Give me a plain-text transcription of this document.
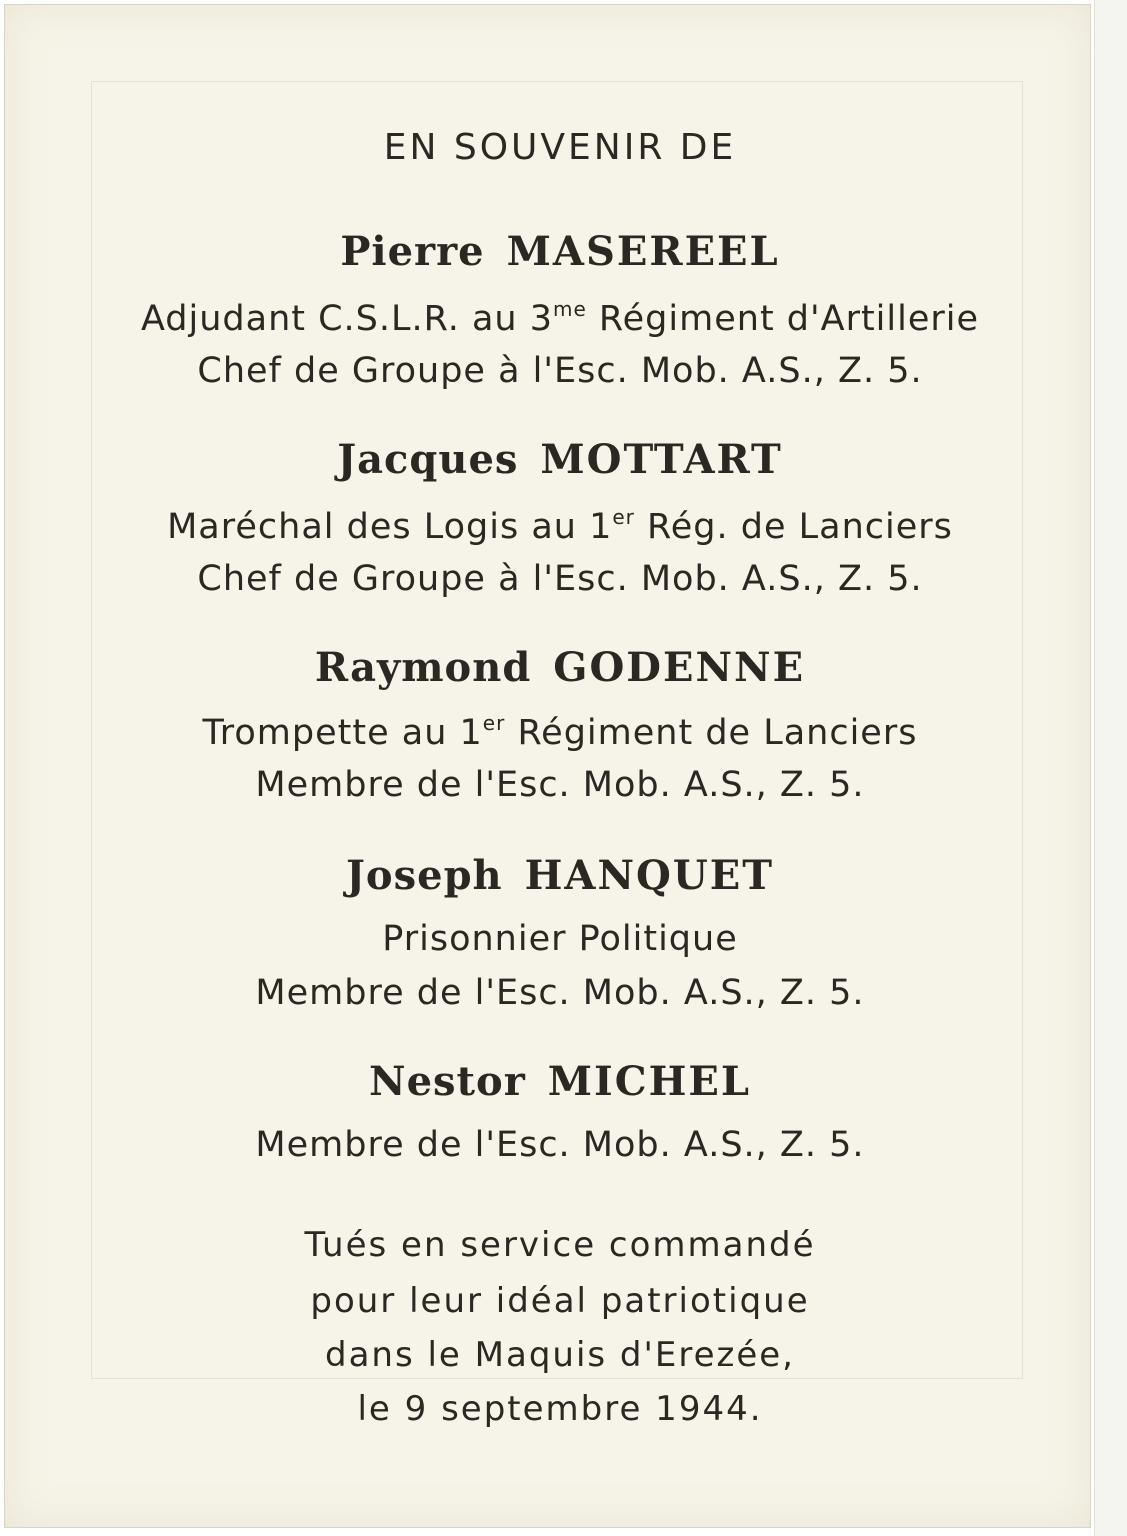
EN SOUVENIR DE
Pierre MASEREEL
Adjudant C.S.L.R. au $3^{me}$ Régiment d'Artillerie
Chef de Groupe à l'Esc. Mob. A.S., Z. 5.
Jacques MOTTART
Maréchal des Logis au 1er Rég. de Lanciers
Chef de Groupe à l'Esc. Mob. A.S., Z. 5.
Raymond GODENNE
Trompette au 1er Régiment de Lanciers
Membre de l'Esc. Mob. A.S., Z. 5.
Joseph HANQUET
Prisonnier Politique
Membre de l'Esc. Mob. A.S., Z. 5.
Nestor MICHEL
Membre de l'Esc. Mob. A.S., Z. 5.
Tués en service commandé
pour leur idéal patriotique
dans le Maquis d'Erezée,
le 9 septembre 1944.
